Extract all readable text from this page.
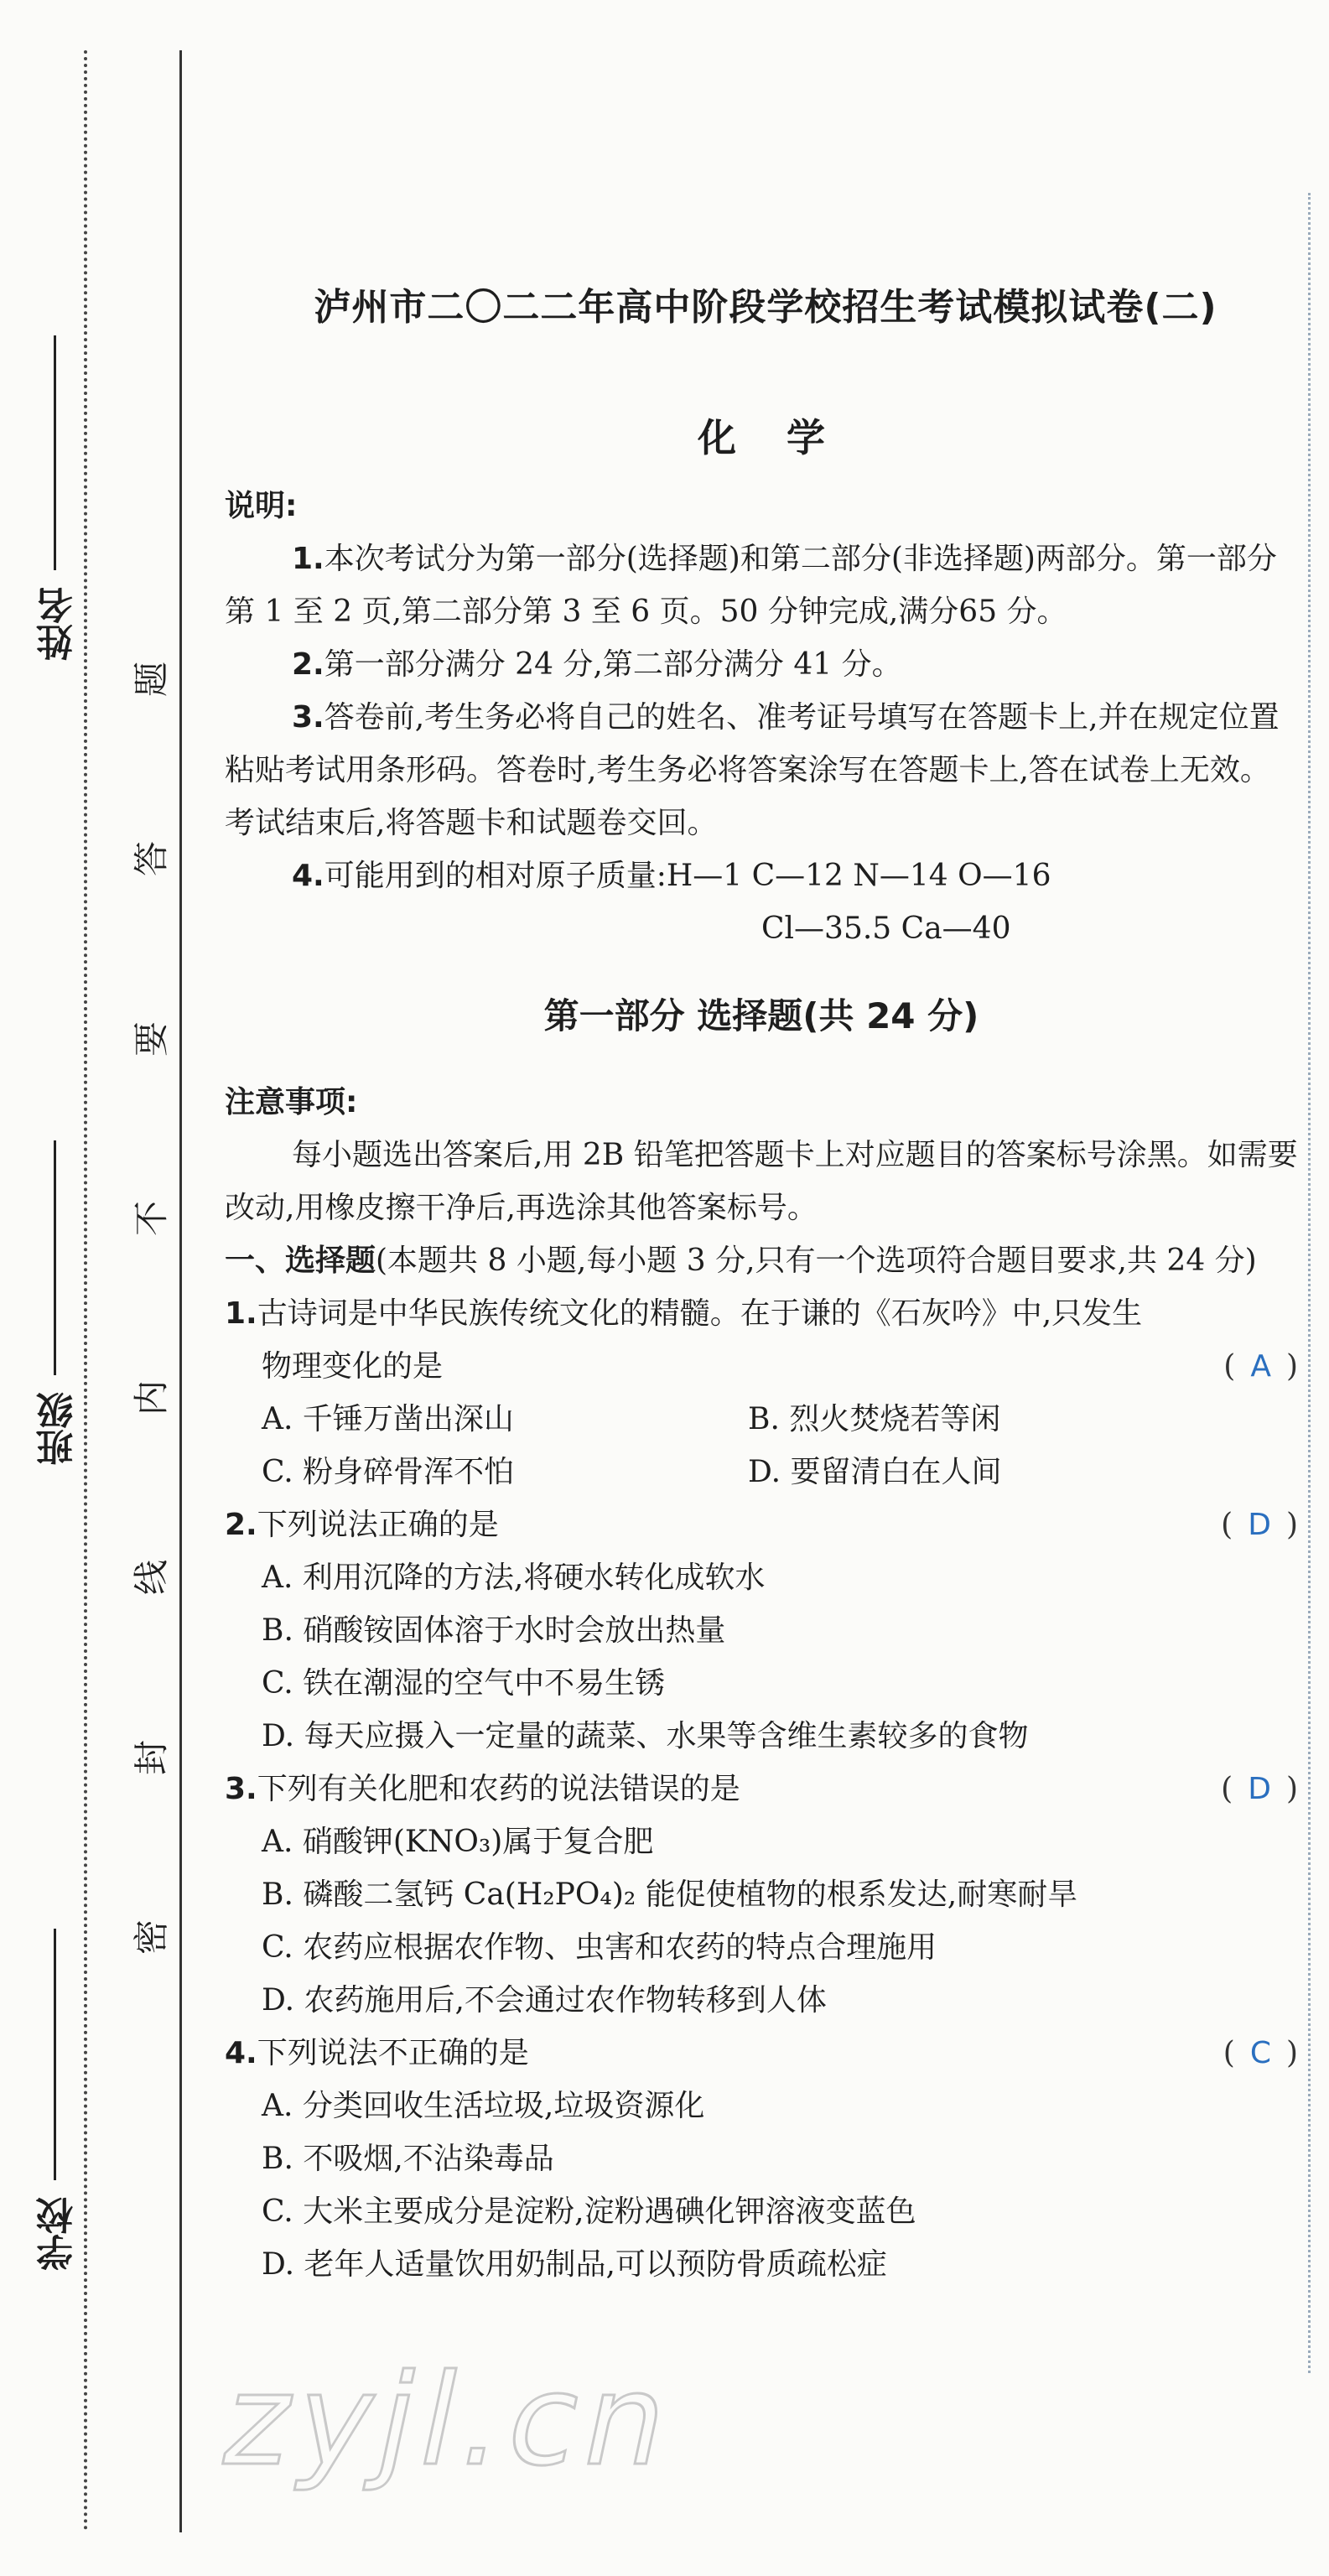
姓名
班级
学校
题
答
要
不
内
线
封
密
泸州市二〇二二年高中阶段学校招生考试模拟试卷(二)
化学
说明:
1.本次考试分为第一部分(选择题)和第二部分(非选择题)两部分。第一部分第 1 至 2 页,第二部分第 3 至 6 页。50 分钟完成,满分65 分。
2.第一部分满分 24 分,第二部分满分 41 分。
3.答卷前,考生务必将自己的姓名、准考证号填写在答题卡上,并在规定位置粘贴考试用条形码。答卷时,考生务必将答案涂写在答题卡上,答在试卷上无效。考试结束后,将答题卡和试题卷交回。
4.可能用到的相对原子质量:H—1 C—12 N—14 O—16
Cl—35.5 Ca—40
第一部分 选择题(共 24 分)
注意事项:
每小题选出答案后,用 2B 铅笔把答题卡上对应题目的答案标号涂黑。如需要改动,用橡皮擦干净后,再选涂其他答案标号。
一、选择题(本题共 8 小题,每小题 3 分,只有一个选项符合题目要求,共 24 分)
1.古诗词是中华民族传统文化的精髓。在于谦的《石灰吟》中,只发生物理变化的是	( A )
A. 千锤万凿出深山	B. 烈火焚烧若等闲
C. 粉身碎骨浑不怕	D. 要留清白在人间
2.下列说法正确的是	( D )
A. 利用沉降的方法,将硬水转化成软水
B. 硝酸铵固体溶于水时会放出热量
C. 铁在潮湿的空气中不易生锈
D. 每天应摄入一定量的蔬菜、水果等含维生素较多的食物
3.下列有关化肥和农药的说法错误的是	( D )
A. 硝酸钾(KNO₃)属于复合肥
B. 磷酸二氢钙 Ca(H₂PO₄)₂ 能促使植物的根系发达,耐寒耐旱
C. 农药应根据农作物、虫害和农药的特点合理施用
D. 农药施用后,不会通过农作物转移到人体
4.下列说法不正确的是	( C )
A. 分类回收生活垃圾,垃圾资源化
B. 不吸烟,不沾染毒品
C. 大米主要成分是淀粉,淀粉遇碘化钾溶液变蓝色
D. 老年人适量饮用奶制品,可以预防骨质疏松症
zyjl.cn
